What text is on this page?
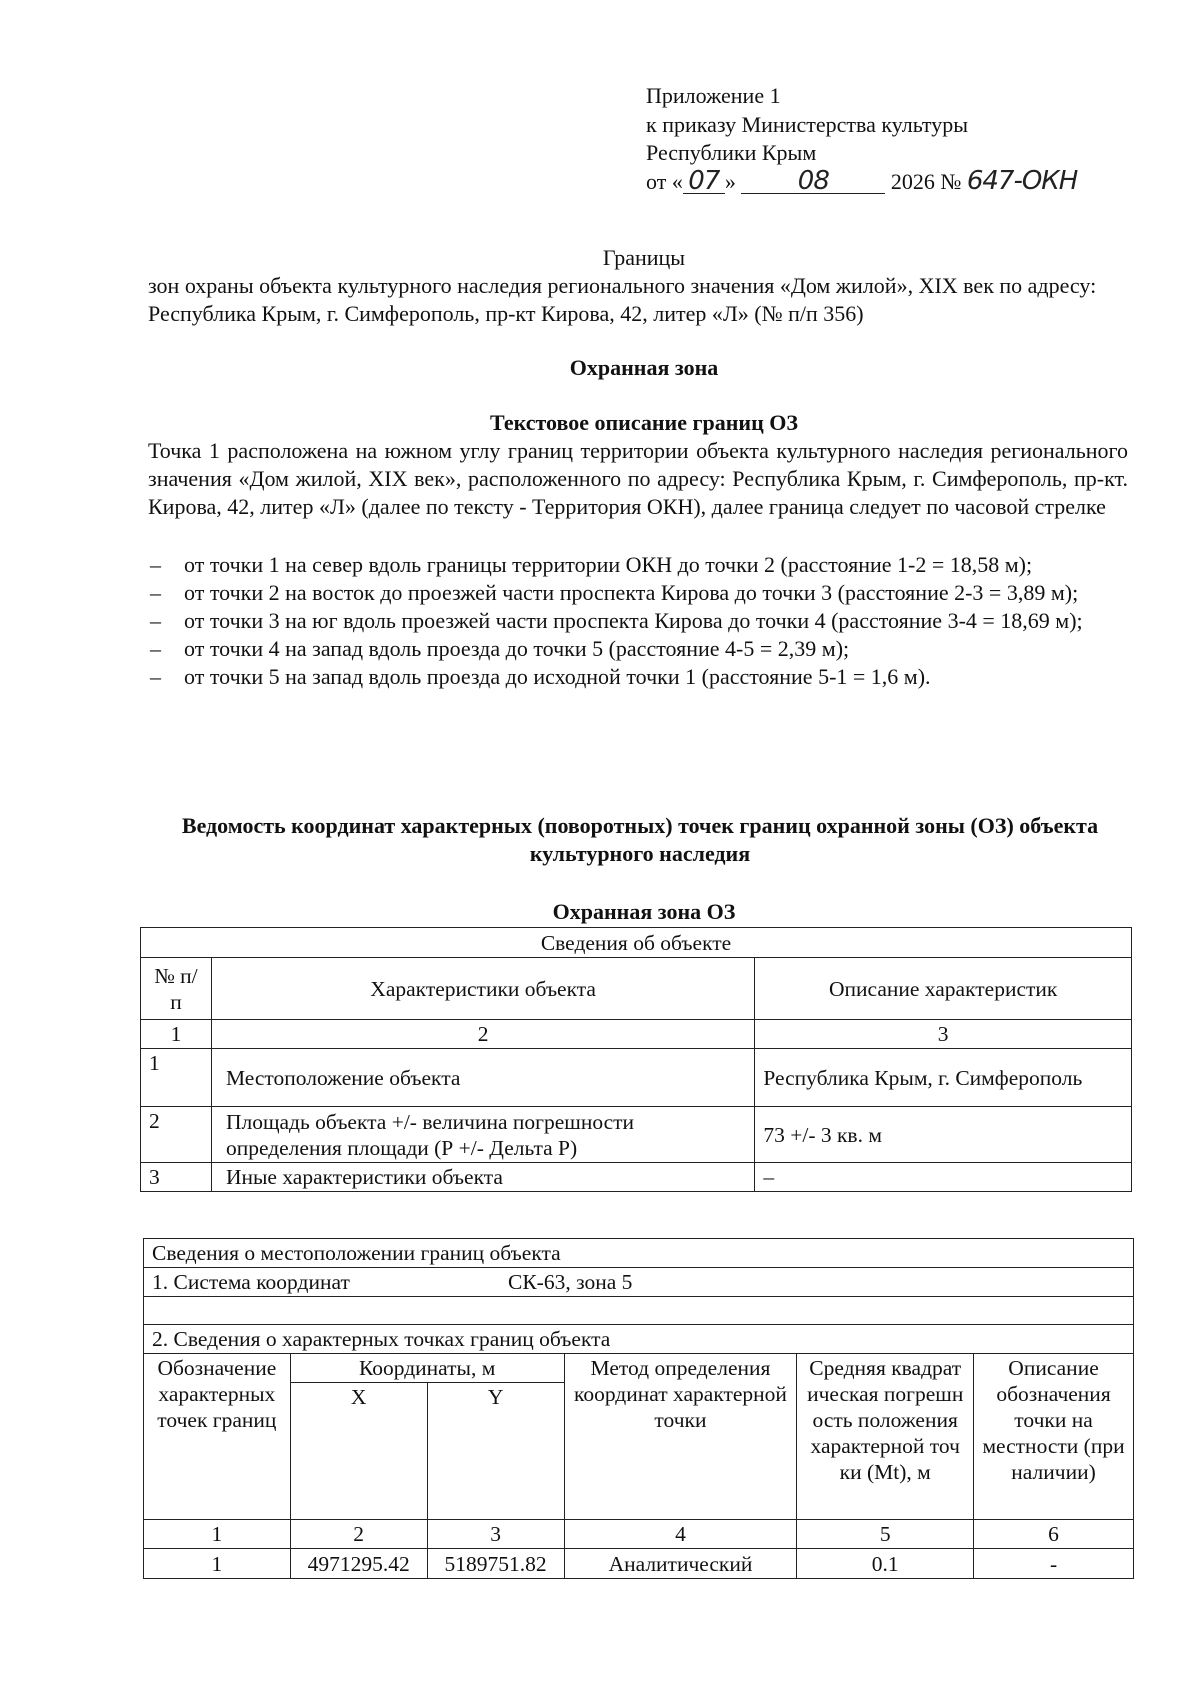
Приложение 1
к приказу Министерства культуры
Республики Крым
от « 07 » 08	2026 № 647-ОКН
Границы
зон охраны объекта культурного наследия регионального значения «Дом жилой», XIX век по адресу: Республика Крым, г. Симферополь, пр-кт Кирова, 42, литер «Л» (№ п/п 356)
Охранная зона
Текстовое описание границ ОЗ
Точка 1 расположена на южном углу границ территории объекта культурного наследия регионального значения «Дом жилой, XIX век», расположенного по адресу: Республика Крым, г. Симферополь, пр-кт. Кирова, 42, литер «Л» (далее по тексту - Территория ОКН), далее граница следует по часовой стрелке
– от точки 1 на север вдоль границы территории ОКН до точки 2 (расстояние 1-2 = 18,58 м);
– от точки 2 на восток до проезжей части проспекта Кирова до точки 3 (расстояние 2-3 = 3,89 м);
– от точки 3 на юг вдоль проезжей части проспекта Кирова до точки 4 (расстояние 3-4 = 18,69 м);
– от точки 4 на запад вдоль проезда до точки 5 (расстояние 4-5 = 2,39 м);
– от точки 5 на запад вдоль проезда до исходной точки 1 (расстояние 5-1 = 1,6 м).
Ведомость координат характерных (поворотных) точек границ охранной зоны (ОЗ) объекта культурного наследия
Охранная зона ОЗ
Сведения об объекте		
№ п/п	Характеристики объекта	Описание характеристик
1	2	3
1	Местоположение объекта	Республика Крым, г. Симферополь
2	Площадь объекта +/- величина погрешности определения площади (Р +/- Дельта Р)	73 +/- 3 кв. м
3	Иные характеристики объекта	–
Сведения о местоположении границ объекта					
1. Система координат СК-63, зона 5					

2. Сведения о характерных точках границ объекта					
Обозначение характерных точек границ	Координаты, м		Метод определения координат характерной точки	Средняя квадратическая погрешность положения характерной точки (Mt), м	Описание обозначения точки на местности (при наличии)
	X	Y			
1	2	3	4	5	6
1	4971295.42	5189751.82	Аналитический	0.1	-
